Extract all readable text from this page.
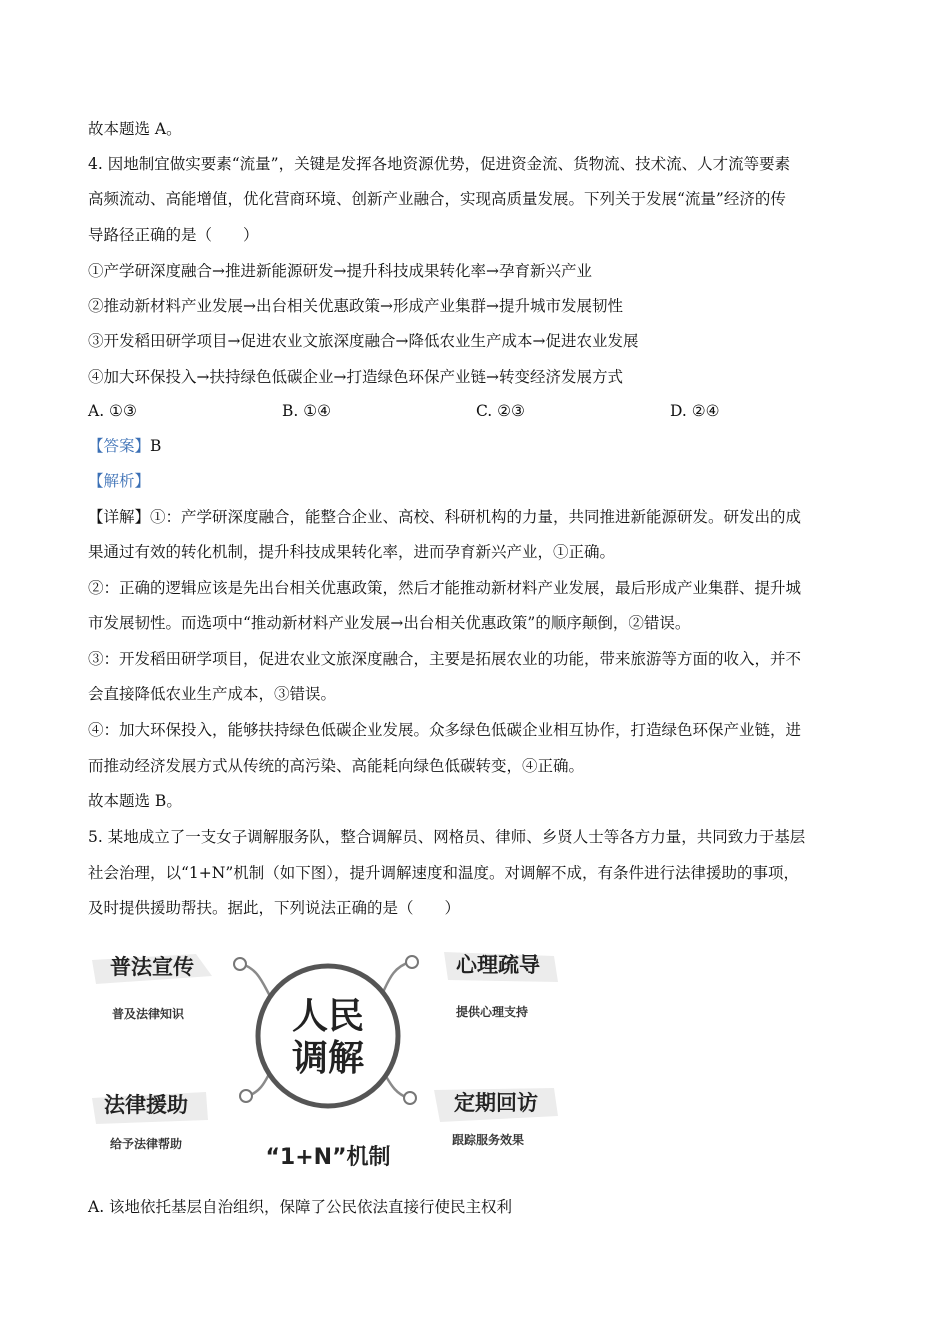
故本题选 A。
4. 因地制宜做实要素“流量”，关键是发挥各地资源优势，促进资金流、货物流、技术流、人才流等要素
高频流动、高能增值，优化营商环境、创新产业融合，实现高质量发展。下列关于发展“流量”经济的传
导路径正确的是（　　）
①产学研深度融合→推进新能源研发→提升科技成果转化率→孕育新兴产业
②推动新材料产业发展→出台相关优惠政策→形成产业集群→提升城市发展韧性
③开发稻田研学项目→促进农业文旅深度融合→降低农业生产成本→促进农业发展
④加大环保投入→扶持绿色低碳企业→打造绿色环保产业链→转变经济发展方式
A. ①③	B. ①④	C. ②③	D. ②④
【答案】B
【解析】
【详解】①：产学研深度融合，能整合企业、高校、科研机构的力量，共同推进新能源研发。研发出的成
果通过有效的转化机制，提升科技成果转化率，进而孕育新兴产业，①正确。
②：正确的逻辑应该是先出台相关优惠政策，然后才能推动新材料产业发展，最后形成产业集群、提升城
市发展韧性。而选项中“推动新材料产业发展→出台相关优惠政策”的顺序颠倒，②错误。
③：开发稻田研学项目，促进农业文旅深度融合，主要是拓展农业的功能，带来旅游等方面的收入，并不
会直接降低农业生产成本，③错误。
④：加大环保投入，能够扶持绿色低碳企业发展。众多绿色低碳企业相互协作，打造绿色环保产业链，进
而推动经济发展方式从传统的高污染、高能耗向绿色低碳转变，④正确。
故本题选 B。
5. 某地成立了一支女子调解服务队，整合调解员、网格员、律师、乡贤人士等各方力量，共同致力于基层
社会治理，以“1+N”机制（如下图），提升调解速度和温度。对调解不成，有条件进行法律援助的事项，
及时提供援助帮扶。据此，下列说法正确的是（　　）
人民
调解
普法宣传
普及法律知识
心理疏导
提供心理支持
法律援助
给予法律帮助
定期回访
跟踪服务效果
“1+N”机制
A. 该地依托基层自治组织，保障了公民依法直接行使民主权利
